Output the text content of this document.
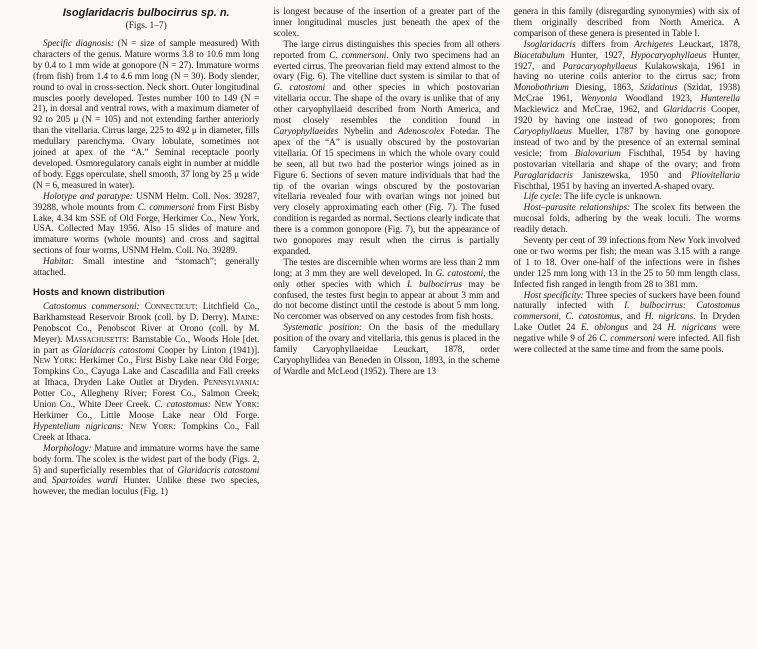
Isoglaridacris bulbocirrus sp. n.
(Figs. 1–7)

Specific diagnosis: (N = size of sample measured) With characters of the genus. Mature worms 3.8 to 10.6 mm long by 0.4 to 1 mm wide at gonopore (N = 27). Immature worms (from fish) from 1.4 to 4.6 mm long (N = 30). Body slender, round to oval in cross-section. Neck short. Outer longitudinal muscles poorly developed. Testes number 100 to 149 (N = 21), in dorsal and ventral rows, with a maximum diameter of 92 to 205 μ (N = 105) and not extending farther anteriorly than the vitellaria. Cirrus large, 225 to 492 μ in diameter, fills medullary parenchyma. Ovary lobulate, sometimes not joined at apex of the “A.” Seminal receptacle poorly developed. Osmoregulatory canals eight in number at middle of body. Eggs operculate, shell smooth, 37 long by 25 μ wide (N = 6, measured in water).

Holotype and paratype: USNM Helm. Coll. Nos. 39287, 39288, whole mounts from C. commersoni from First Bisby Lake, 4.34 km SSE of Old Forge, Herkimer Co., New York, USA. Collected May 1956. Also 15 slides of mature and immature worms (whole mounts) and cross and sagittal sections of four worms, USNM Helm. Coll. No. 39289.

Habitat: Small intestine and “stomach”; generally attached.

Hosts and known distribution

Catostomus commersoni: Connecticut: Litchfield Co., Barkhamstead Reservoir Brook (coll. by D. Derry). Maine: Penobscot Co., Penobscot River at Orono (coll. by M. Meyer). Massachusetts: Barnstable Co., Woods Hole [det. in part as Glaridacris catostomi Cooper by Linton (1941)]. New York: Herkimer Co., First Bisby Lake near Old Forge; Tompkins Co., Cayuga Lake and Cascadilla and Fall creeks at Ithaca, Dryden Lake Outlet at Dryden. Pennsylvania: Potter Co., Allegheny River; Forest Co., Salmon Creek; Union Co., White Deer Creek. C. catostomus: New York: Herkimer Co., Little Moose Lake near Old Forge. Hypentelium nigricans: New York: Tompkins Co., Fall Creek at Ithaca.

Morphology: Mature and immature worms have the same body form. The scolex is the widest part of the body (Figs. 2, 5) and superficially resembles that of Glaridacris catostomi and Spartoides wardi Hunter. Unlike these two species, however, the median loculus (Fig. 1)

is longest because of the insertion of a greater part of the inner longitudinal muscles just beneath the apex of the scolex.

The large cirrus distinguishes this species from all others reported from C. commersoni. Only two specimens had an everted cirrus. The preovarian field may extend almost to the ovary (Fig. 6). The vitelline duct system is similar to that of G. catostomi and other species in which postovarian vitellaria occur. The shape of the ovary is unlike that of any other caryophyllaeid described from North America, and most closely resembles the condition found in Caryophyllaeides Nybelin and Adenoscolex Fotedar. The apex of the “A” is usually obscured by the postovarian vitellaria. Of 15 specimens in which the whole ovary could be seen, all but two had the posterior wings joined as in Figure 6. Sections of seven mature individuals that had the tip of the ovarian wings obscured by the postovarian vitellaria revealed four with ovarian wings not joined but very closely approximating each other (Fig. 7). The fused condition is regarded as normal. Sections clearly indicate that there is a common gonopore (Fig. 7), but the appearance of two gonopores may result when the cirrus is partially expanded.

The testes are discernible when worms are less than 2 mm long; at 3 mm they are well developed. In G. catostomi, the only other species with which I. bulbocirrus may be confused, the testes first begin to appear at about 3 mm and do not become distinct until the cestode is about 5 mm long. No cercomer was observed on any cestodes from fish hosts.

Systematic position: On the basis of the medullary position of the ovary and vitellaria, this genus is placed in the family Caryophyllaeidae Leuckart, 1878, order Caryophyllidea van Beneden in Olsson, 1893, in the scheme of Wardle and McLeod (1952). There are 13

genera in this family (disregarding synonymies) with six of them originally described from North America. A comparison of these genera is presented in Table I.

Isoglaridacris differs from Archigetes Leuckart, 1878, Biacetabulum Hunter, 1927, Hypocaryophyllaeus Hunter, 1927, and Paracaryophyllaeus Kulakowskaja, 1961 in having no uterine coils anterior to the cirrus sac; from Monobothrium Diesing, 1863, Szidatinus (Szidat, 1938) McCrae 1961, Wenyonia Woodland 1923, Hunterella Mackiewicz and McCrae, 1962, and Glaridacris Cooper, 1920 by having one instead of two gonopores; from Caryophyllaeus Mueller, 1787 by having one gonopore instead of two and by the presence of an external seminal vesicle; from Bialovarium Fischthal, 1954 by having postovarian vitellaria and shape of the ovary; and from Paraglaridacris Janiszewska, 1950 and Pliovitellaria Fischthal, 1951 by having an inverted A-shaped ovary.

Life cycle: The life cycle is unknown.

Host–parasite relationships: The scolex fits between the mucosal folds, adhering by the weak loculi. The worms readily detach.

Seventy per cent of 39 infections from New York involved one or two worms per fish; the mean was 3.15 with a range of 1 to 18. Over one-half of the infections were in fishes under 125 mm long with 13 in the 25 to 50 mm length class. Infected fish ranged in length from 28 to 381 mm.

Host specificity: Three species of suckers have been found naturally infected with I. bulbocirrus: Catostomus commersoni, C. catostomus, and H. nigricans. In Dryden Lake Outlet 24 E. oblongus and 24 H. nigricans were negative while 9 of 26 C. commersoni were infected. All fish were collected at the same time and from the same pools.
